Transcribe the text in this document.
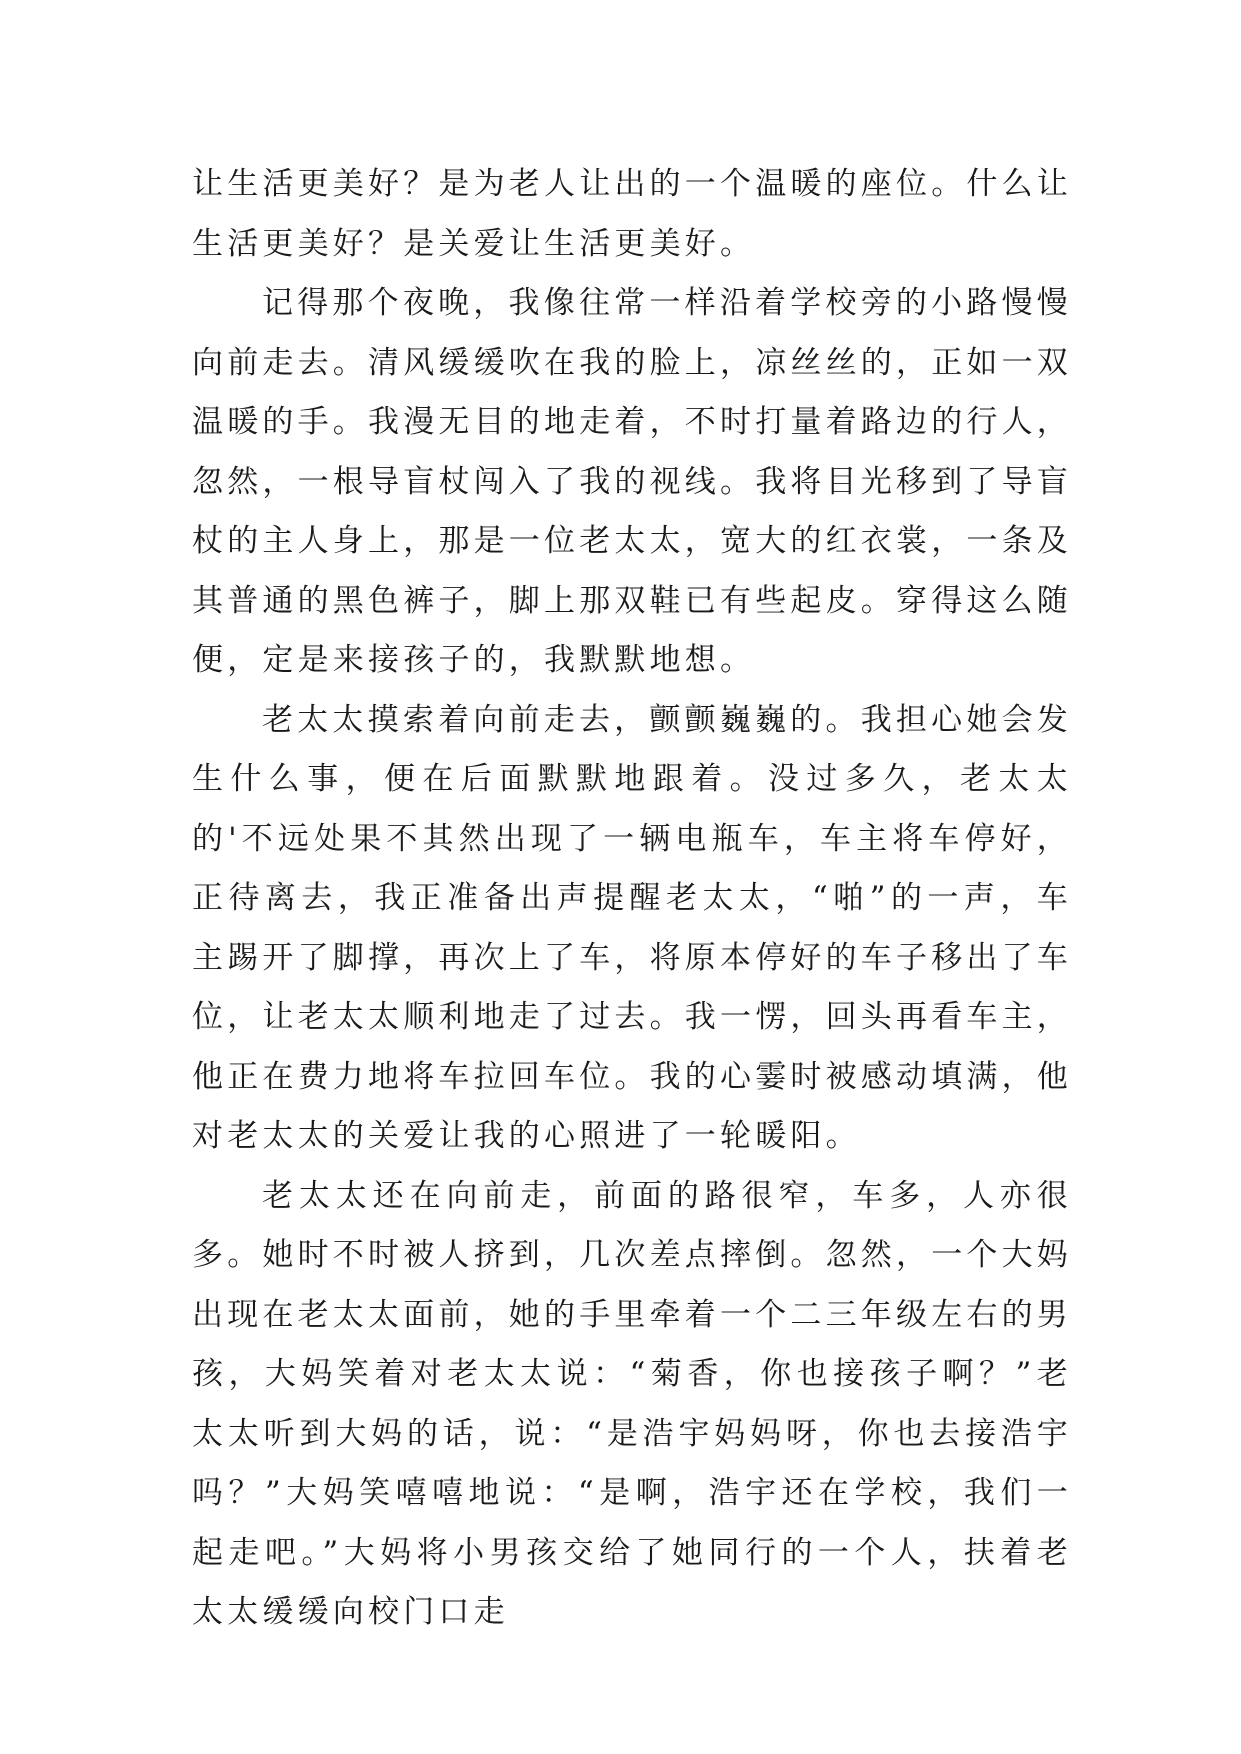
让生活更美好？是为老人让出的一个温暖的座位。什么让生活更美好？是关爱让生活更美好。

记得那个夜晚，我像往常一样沿着学校旁的小路慢慢向前走去。清风缓缓吹在我的脸上，凉丝丝的，正如一双温暖的手。我漫无目的地走着，不时打量着路边的行人，忽然，一根导盲杖闯入了我的视线。我将目光移到了导盲杖的主人身上，那是一位老太太，宽大的红衣裳，一条及其普通的黑色裤子，脚上那双鞋已有些起皮。穿得这么随便，定是来接孩子的，我默默地想。

老太太摸索着向前走去，颤颤巍巍的。我担心她会发生什么事，便在后面默默地跟着。没过多久，老太太的'不远处果不其然出现了一辆电瓶车，车主将车停好，正待离去，我正准备出声提醒老太太，“啪”的一声，车主踢开了脚撑，再次上了车，将原本停好的车子移出了车位，让老太太顺利地走了过去。我一愣，回头再看车主，他正在费力地将车拉回车位。我的心霎时被感动填满，他对老太太的关爱让我的心照进了一轮暖阳。

老太太还在向前走，前面的路很窄，车多，人亦很多。她时不时被人挤到，几次差点摔倒。忽然，一个大妈出现在老太太面前，她的手里牵着一个二三年级左右的男孩，大妈笑着对老太太说：“菊香，你也接孩子啊？”老太太听到大妈的话，说：“是浩宇妈妈呀，你也去接浩宇吗？”大妈笑嘻嘻地说：“是啊，浩宇还在学校，我们一起走吧。”大妈将小男孩交给了她同行的一个人，扶着老太太缓缓向校门口走
